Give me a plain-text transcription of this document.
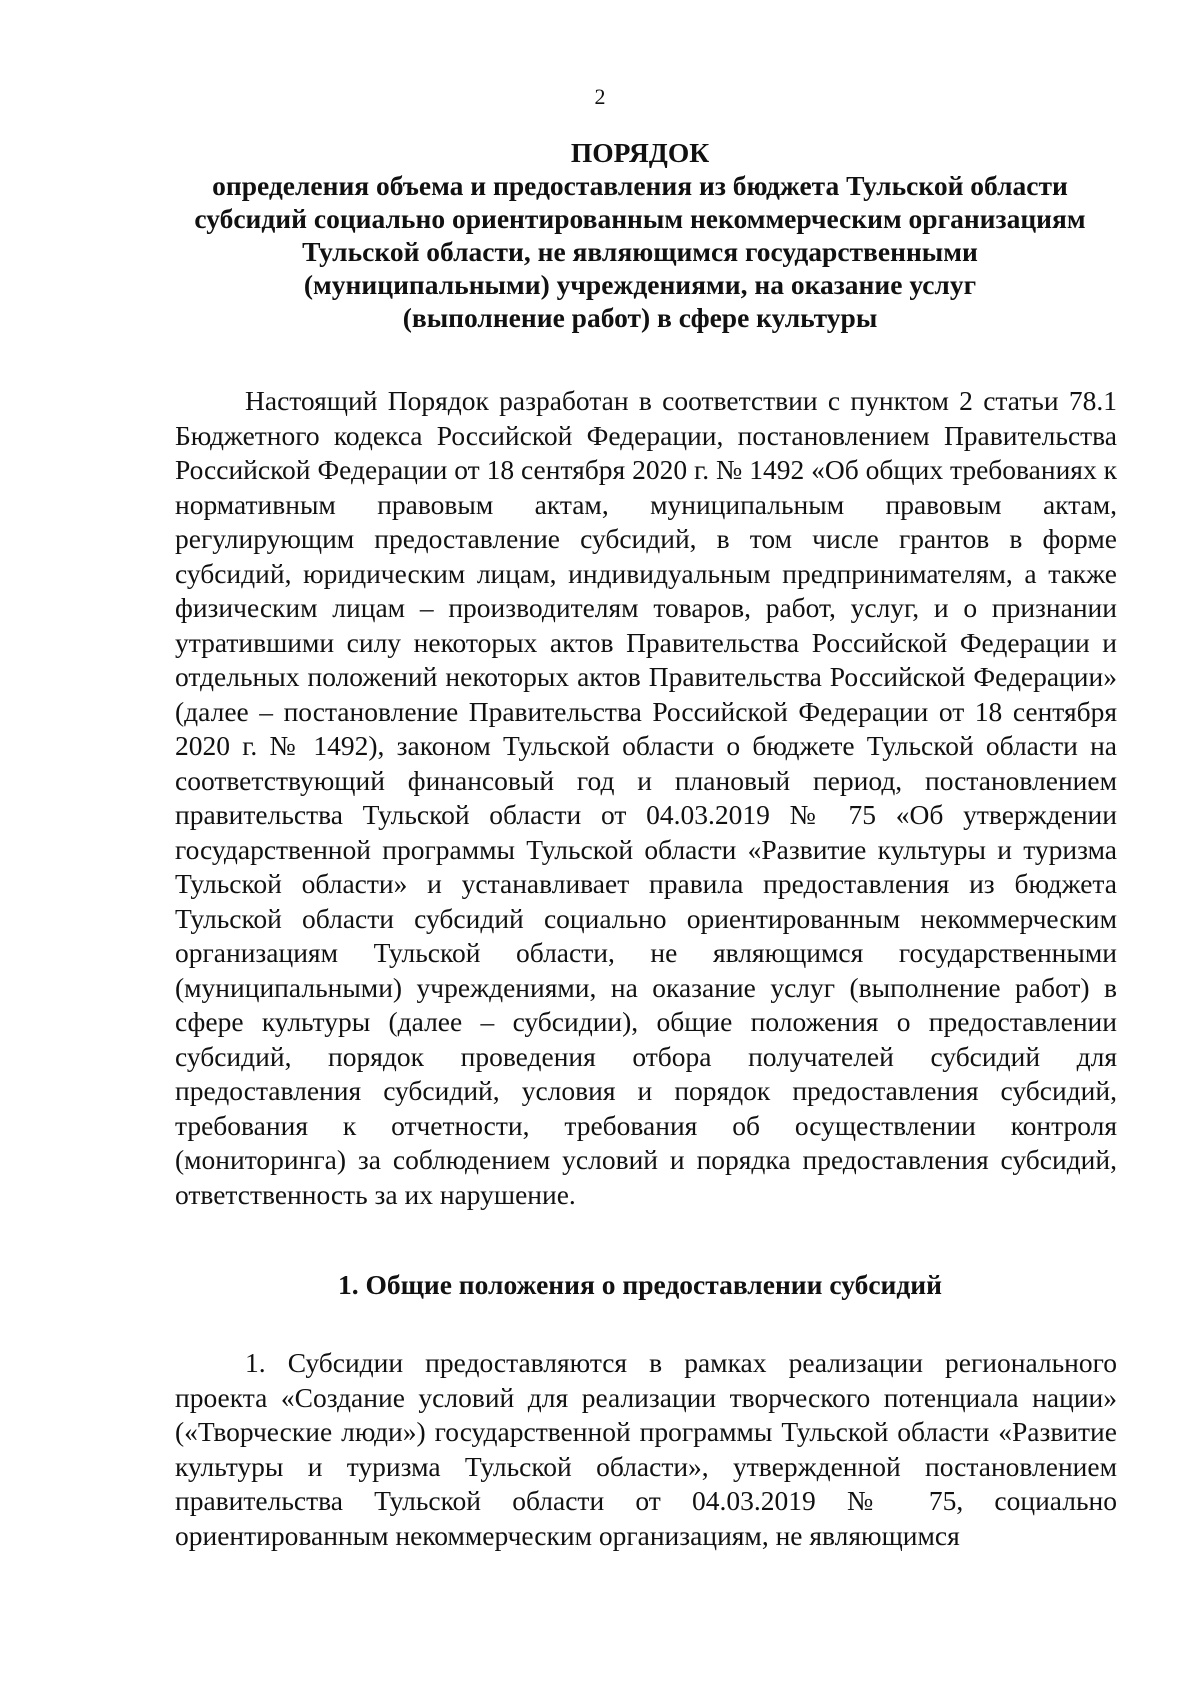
2
ПОРЯДОК
определения объема и предоставления из бюджета Тульской области
субсидий социально ориентированным некоммерческим организациям
Тульской области, не являющимся государственными
(муниципальными) учреждениями, на оказание услуг
(выполнение работ) в сфере культуры

Настоящий Порядок разработан в соответствии с пунктом 2 статьи 78.1 Бюджетного кодекса Российской Федерации, постановлением Правительства Российской Федерации от 18 сентября 2020 г. № 1492 «Об общих требованиях к нормативным правовым актам, муниципальным правовым актам, регулирующим предоставление субсидий, в том числе грантов в форме субсидий, юридическим лицам, индивидуальным предпринимателям, а также физическим лицам – производителям товаров, работ, услуг, и о признании утратившими силу некоторых актов Правительства Российской Федерации и отдельных положений некоторых актов Правительства Российской Федерации» (далее – постановление Правительства Российской Федерации от 18 сентября 2020 г. № 1492), законом Тульской области о бюджете Тульской области на соответствующий финансовый год и плановый период, постановлением правительства Тульской области от 04.03.2019 № 75 «Об утверждении государственной программы Тульской области «Развитие культуры и туризма Тульской области» и устанавливает правила предоставления из бюджета Тульской области субсидий социально ориентированным некоммерческим организациям Тульской области, не являющимся государственными (муниципальными) учреждениями, на оказание услуг (выполнение работ) в сфере культуры (далее – субсидии), общие положения о предоставлении субсидий, порядок проведения отбора получателей субсидий для предоставления субсидий, условия и порядок предоставления субсидий, требования к отчетности, требования об осуществлении контроля (мониторинга) за соблюдением условий и порядка предоставления субсидий, ответственность за их нарушение.

1. Общие положения о предоставлении субсидий

1. Субсидии предоставляются в рамках реализации регионального проекта «Создание условий для реализации творческого потенциала нации» («Творческие люди») государственной программы Тульской области «Развитие культуры и туризма Тульской области», утвержденной постановлением правительства Тульской области от 04.03.2019 № 75, социально ориентированным некоммерческим организациям, не являющимся
